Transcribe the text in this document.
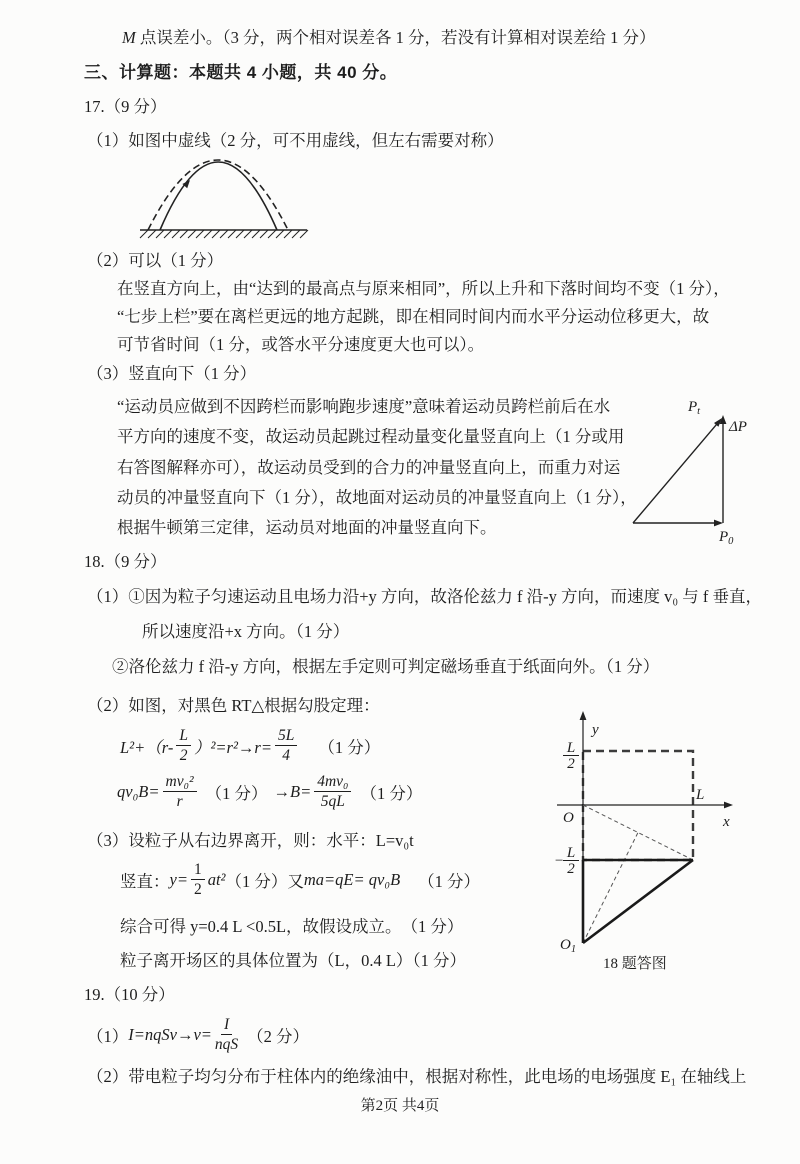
M 点误差小。（3 分，两个相对误差各 1 分，若没有计算相对误差给 1 分）
三、计算题：本题共 4 小题，共 40 分。
17.（9 分）
（1）如图中虚线（2 分，可不用虚线，但左右需要对称）
（2）可以（1 分）
在竖直方向上，由“达到的最高点与原来相同”，所以上升和下落时间均不变（1 分），
“七步上栏”要在离栏更远的地方起跳，即在相同时间内而水平分运动位移更大，故
可节省时间（1 分，或答水平分速度更大也可以）。
（3）竖直向下（1 分）
“运动员应做到不因跨栏而影响跑步速度”意味着运动员跨栏前后在水
平方向的速度不变，故运动员起跳过程动量变化量竖直向上（1 分或用
右答图解释亦可），故运动员受到的合力的冲量竖直向上，而重力对运
动员的冲量竖直向下（1 分），故地面对运动员的冲量竖直向上（1 分），
根据牛顿第三定律，运动员对地面的冲量竖直向下。
$P_t$
ΔP
$P_0$
18.（9 分）
（1）①因为粒子匀速运动且电场力沿+y 方向，故洛伦兹力 f 沿-y 方向，而速度 v₀ 与 f 垂直，
所以速度沿+x 方向。（1 分）
②洛伦兹力 f 沿-y 方向，根据左手定则可判定磁场垂直于纸面向外。（1 分）
（2）如图，对黑色 RT△根据勾股定理：
$L^2+(r- \frac{L}{2} )^2=r^2\to r= \frac{5L}{4} (1$ 分）
$qv_0B= \frac{\text{mv₀²}}{r} (1$ 分） $\to B= \frac{\text{4mv₀}}{5qL} (1$ 分）
（3）设粒子从右边界离开，则：水平：L=v₀t
竖直： $y= \frac{1}{2} at^2$ （1 分）又 ma=qE= qv₀B （1 分）
综合可得 y=0.4 L <0.5L，故假设成立。　（1 分）
粒子离开场区的具体位置为（L，0.4 L）（1 分）
y
x
O
L
L
2
− L
2
$O_1$
18 题答图
19.（10 分）
（1） I=nqSv→v= $\frac{I}{\text{nqS}} (2$ 分）
（2）带电粒子均匀分布于柱体内的绝缘油中，根据对称性，此电场的电场强度 E₁ 在轴线上
第2页 共4页
